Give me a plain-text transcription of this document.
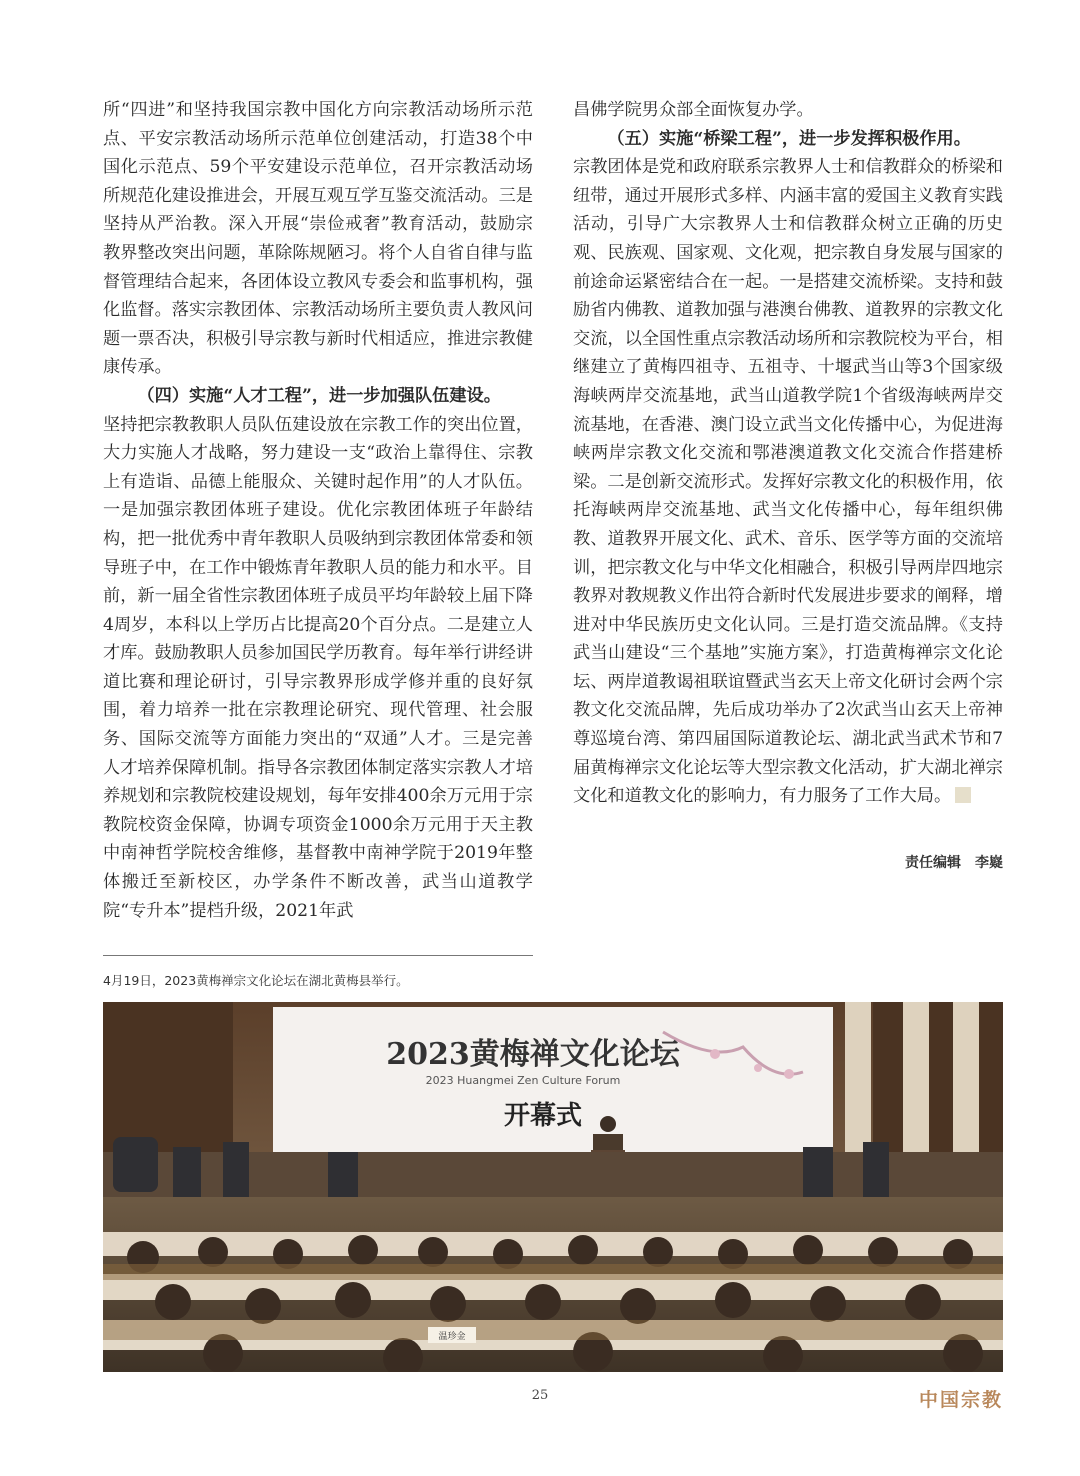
所“四进”和坚持我国宗教中国化方向宗教活动场所示范点、平安宗教活动场所示范单位创建活动，打造38个中国化示范点、59个平安建设示范单位，召开宗教活动场所规范化建设推进会，开展互观互学互鉴交流活动。三是坚持从严治教。深入开展“崇俭戒奢”教育活动，鼓励宗教界整改突出问题，革除陈规陋习。将个人自省自律与监督管理结合起来，各团体设立教风专委会和监事机构，强化监督。落实宗教团体、宗教活动场所主要负责人教风问题一票否决，积极引导宗教与新时代相适应，推进宗教健康传承。

（四）实施“人才工程”，进一步加强队伍建设。

坚持把宗教教职人员队伍建设放在宗教工作的突出位置，大力实施人才战略，努力建设一支“政治上靠得住、宗教上有造诣、品德上能服众、关键时起作用”的人才队伍。一是加强宗教团体班子建设。优化宗教团体班子年龄结构，把一批优秀中青年教职人员吸纳到宗教团体常委和领导班子中，在工作中锻炼青年教职人员的能力和水平。目前，新一届全省性宗教团体班子成员平均年龄较上届下降4周岁，本科以上学历占比提高20个百分点。二是建立人才库。鼓励教职人员参加国民学历教育。每年举行讲经讲道比赛和理论研讨，引导宗教界形成学修并重的良好氛围，着力培养一批在宗教理论研究、现代管理、社会服务、国际交流等方面能力突出的“双通”人才。三是完善人才培养保障机制。指导各宗教团体制定落实宗教人才培养规划和宗教院校建设规划，每年安排400余万元用于宗教院校资金保障，协调专项资金1000余万元用于天主教中南神哲学院校舍维修，基督教中南神学院于2019年整体搬迁至新校区，办学条件不断改善，武当山道教学院“专升本”提档升级，2021年武

昌佛学院男众部全面恢复办学。

（五）实施“桥梁工程”，进一步发挥积极作用。

宗教团体是党和政府联系宗教界人士和信教群众的桥梁和纽带，通过开展形式多样、内涵丰富的爱国主义教育实践活动，引导广大宗教界人士和信教群众树立正确的历史观、民族观、国家观、文化观，把宗教自身发展与国家的前途命运紧密结合在一起。一是搭建交流桥梁。支持和鼓励省内佛教、道教加强与港澳台佛教、道教界的宗教文化交流，以全国性重点宗教活动场所和宗教院校为平台，相继建立了黄梅四祖寺、五祖寺、十堰武当山等3个国家级海峡两岸交流基地，武当山道教学院1个省级海峡两岸交流基地，在香港、澳门设立武当文化传播中心，为促进海峡两岸宗教文化交流和鄂港澳道教文化交流合作搭建桥梁。二是创新交流形式。发挥好宗教文化的积极作用，依托海峡两岸交流基地、武当文化传播中心，每年组织佛教、道教界开展文化、武术、音乐、医学等方面的交流培训，把宗教文化与中华文化相融合，积极引导两岸四地宗教界对教规教义作出符合新时代发展进步要求的阐释，增进对中华民族历史文化认同。三是打造交流品牌。《支持武当山建设“三个基地”实施方案》，打造黄梅禅宗文化论坛、两岸道教谒祖联谊暨武当玄天上帝文化研讨会两个宗教文化交流品牌，先后成功举办了2次武当山玄天上帝神尊巡境台湾、第四届国际道教论坛、湖北武当武术节和7届黄梅禅宗文化论坛等大型宗教文化活动，扩大湖北禅宗文化和道教文化的影响力，有力服务了工作大局。

责任编辑　李嶷
4月19日，2023黄梅禅宗文化论坛在湖北黄梅县举行。
2023黄梅禅文化论坛
2023 Huangmei Zen Culture Forum
开幕式
温珍金
25	中国宗教
